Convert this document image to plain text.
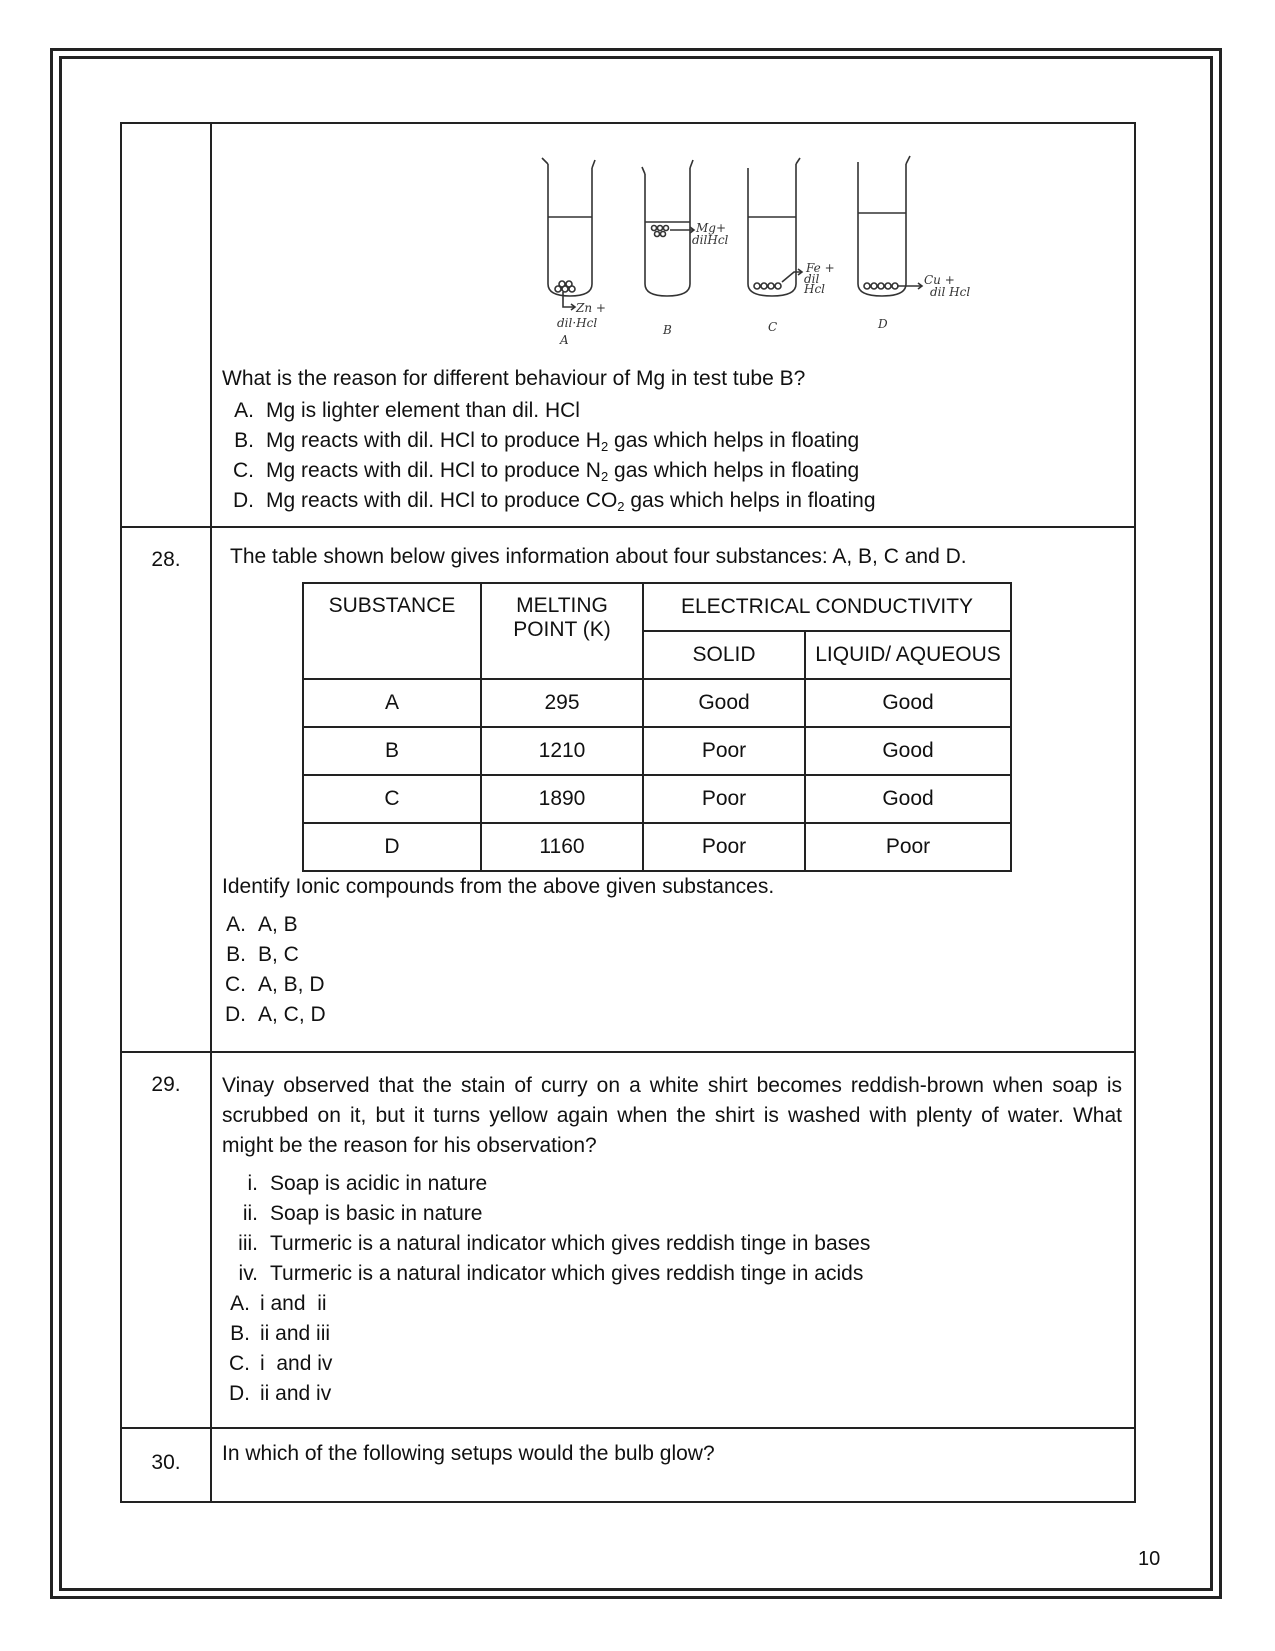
Zn +
dil·Hcl
A
Mg+
dilHcl
B
Fe +
dil
Hcl
C
Cu +
dil Hcl
D

What is the reason for different behaviour of Mg in test tube B?

A. Mg is lighter element than dil. HCl
B. Mg reacts with dil. HCl to produce $H_2$ gas which helps in floating
C. Mg reacts with dil. HCl to produce $N_2$ gas which helps in floating
D. Mg reacts with dil. HCl to produce $CO_2$ gas which helps in floating

28.	The table shown below gives information about four substances: A, B, C and D.

SUBSTANCE	MELTING POINT (K)	ELECTRICAL CONDUCTIVITY
SOLID	LIQUID/ AQUEOUS
A	295	Good	Good
B	1210	Poor	Good
C	1890	Poor	Good
D	1160	Poor	Poor

Identify Ionic compounds from the above given substances.

A. A, B
B. B, C
C. A, B, D
D. A, C, D

29.	Vinay observed that the stain of curry on a white shirt becomes reddish-brown when soap is scrubbed on it, but it turns yellow again when the shirt is washed with plenty of water. What might be the reason for his observation?

i. Soap is acidic in nature
ii. Soap is basic in nature
iii. Turmeric is a natural indicator which gives reddish tinge in bases
iv. Turmeric is a natural indicator which gives reddish tinge in acids
A. i and  ii
B. ii and iii
C. i  and iv
D. ii and iv

30.	In which of the following setups would the bulb glow?

10
